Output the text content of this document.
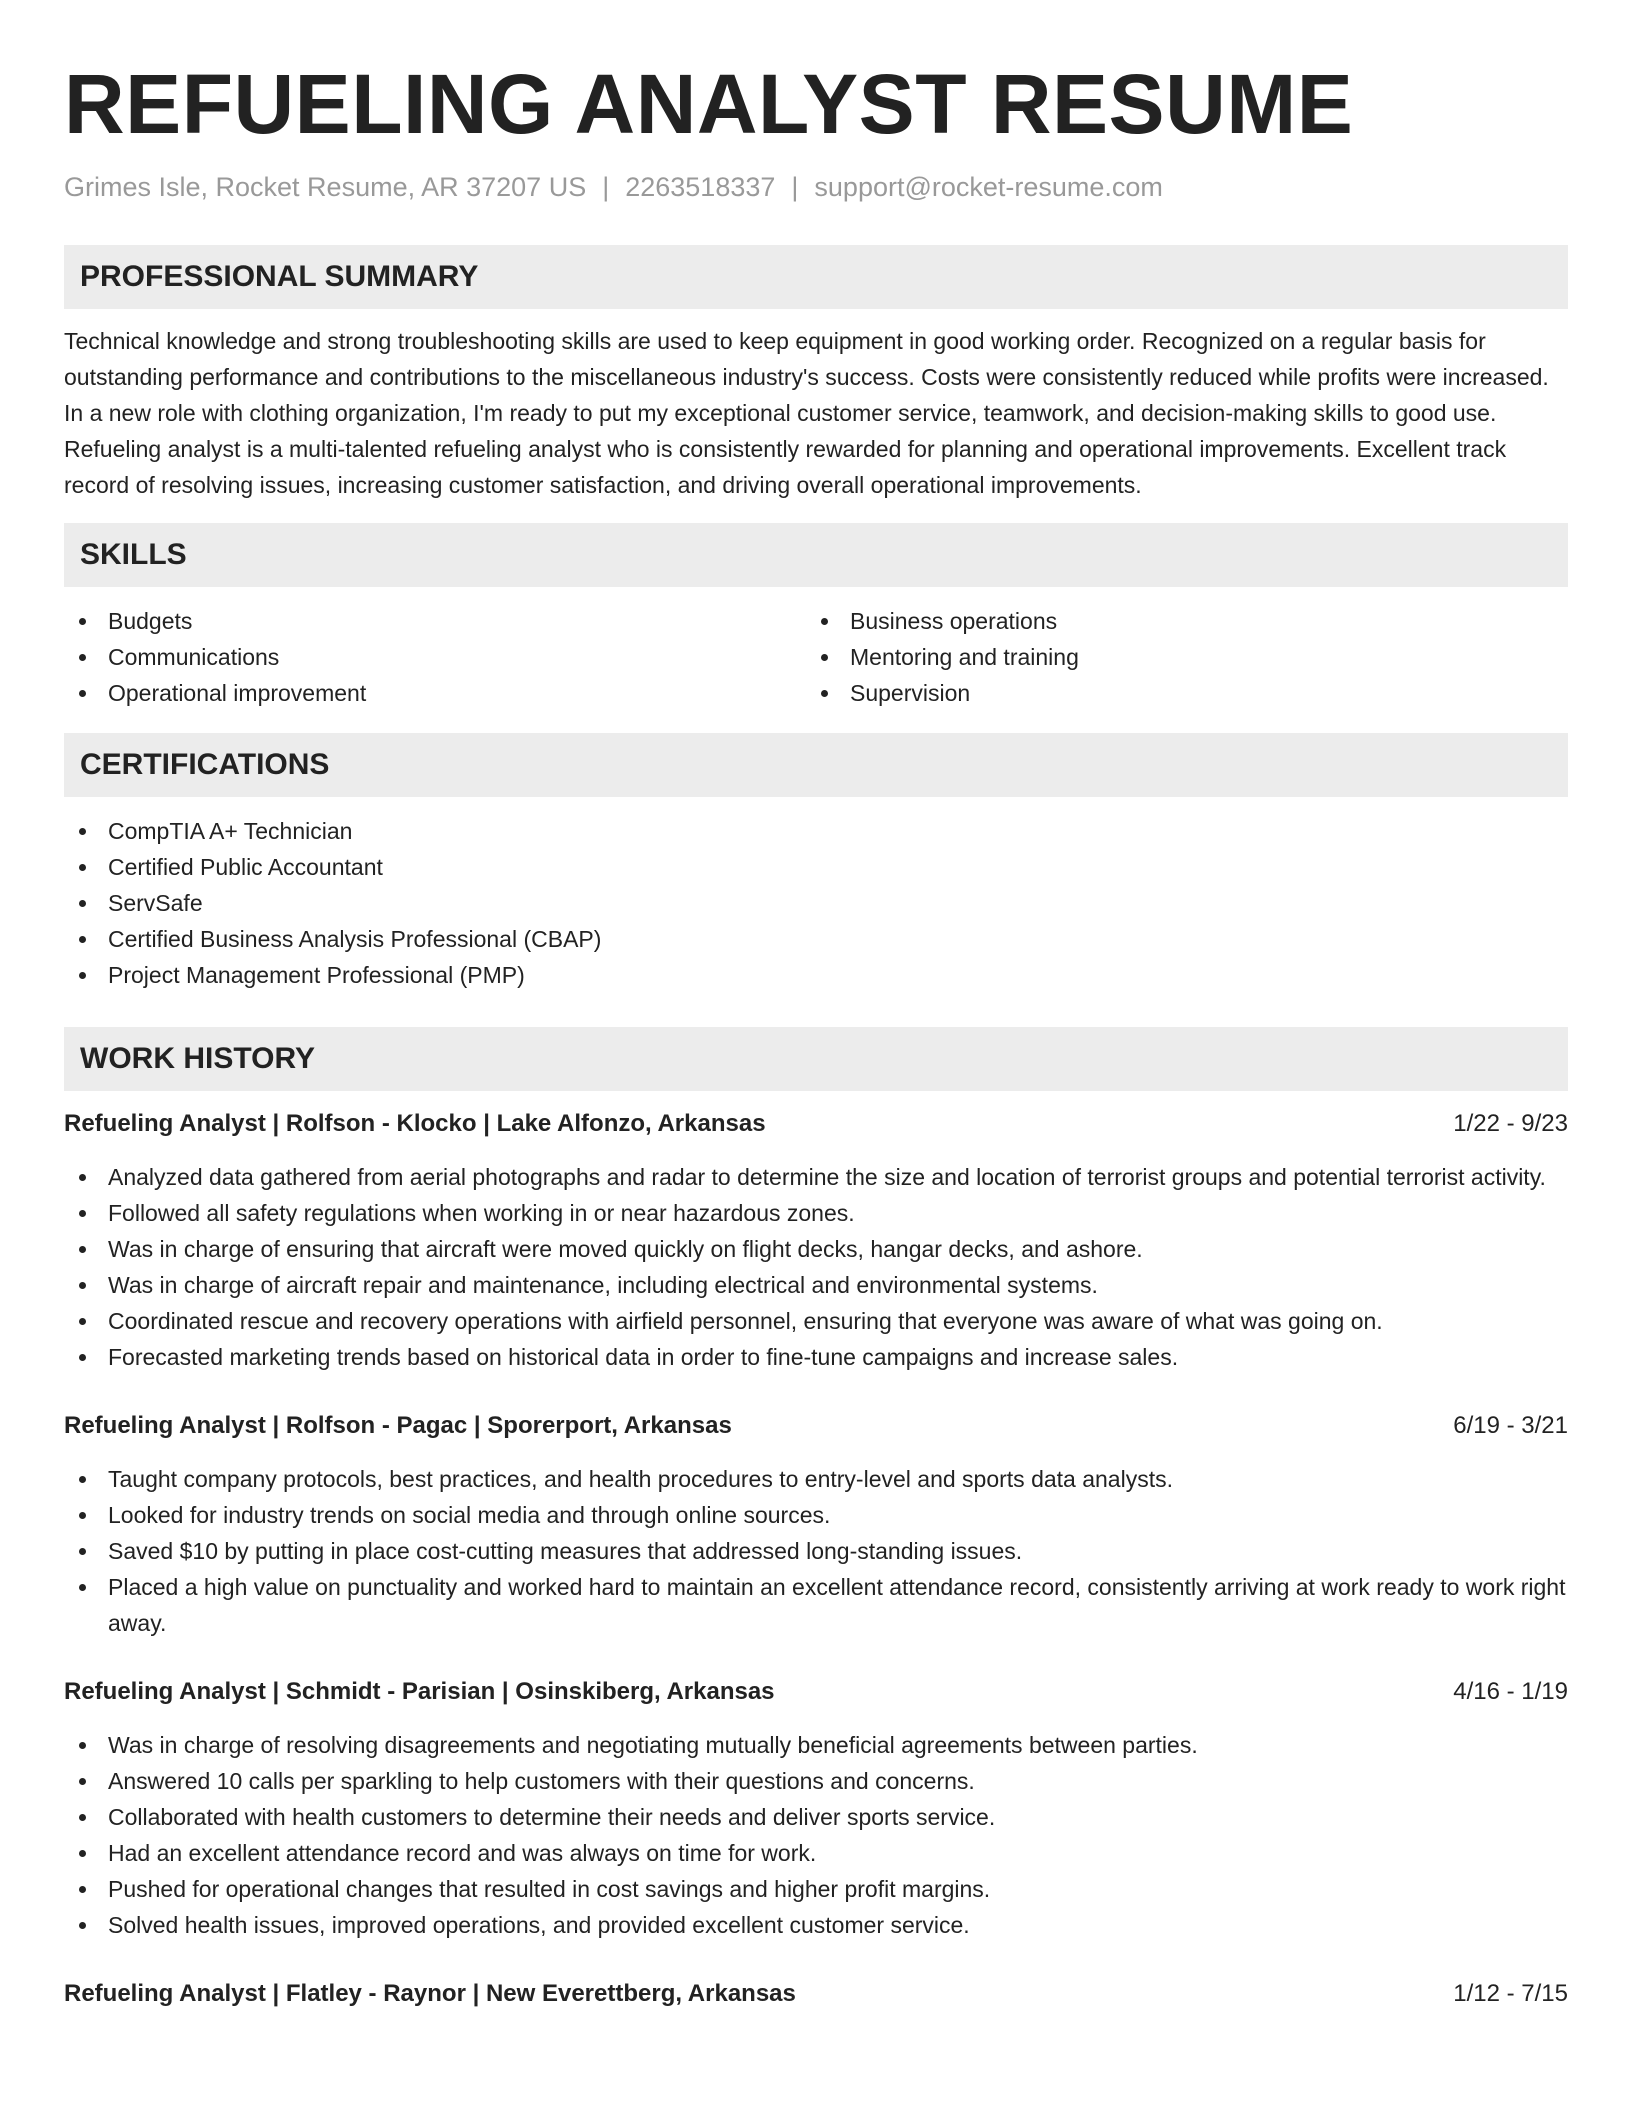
REFUELING ANALYST RESUME
Grimes Isle, Rocket Resume, AR 37207 US | 2263518337 | support@rocket-resume.com
PROFESSIONAL SUMMARY

Technical knowledge and strong troubleshooting skills are used to keep equipment in good working order. Recognized on a regular basis for outstanding performance and contributions to the miscellaneous industry's success. Costs were consistently reduced while profits were increased. In a new role with clothing organization, I'm ready to put my exceptional customer service, teamwork, and decision-making skills to good use. Refueling analyst is a multi-talented refueling analyst who is consistently rewarded for planning and operational improvements. Excellent track record of resolving issues, increasing customer satisfaction, and driving overall operational improvements.

SKILLS
Budgets
Communications
Operational improvement
Business operations
Mentoring and training
Supervision
CERTIFICATIONS
CompTIA A+ Technician
Certified Public Accountant
ServSafe
Certified Business Analysis Professional (CBAP)
Project Management Professional (PMP)
WORK HISTORY
Refueling Analyst | Rolfson - Klocko | Lake Alfonzo, Arkansas	1/22 - 9/23
Analyzed data gathered from aerial photographs and radar to determine the size and location of terrorist groups and potential terrorist activity.
Followed all safety regulations when working in or near hazardous zones.
Was in charge of ensuring that aircraft were moved quickly on flight decks, hangar decks, and ashore.
Was in charge of aircraft repair and maintenance, including electrical and environmental systems.
Coordinated rescue and recovery operations with airfield personnel, ensuring that everyone was aware of what was going on.
Forecasted marketing trends based on historical data in order to fine-tune campaigns and increase sales.
Refueling Analyst | Rolfson - Pagac | Sporerport, Arkansas	6/19 - 3/21
Taught company protocols, best practices, and health procedures to entry-level and sports data analysts.
Looked for industry trends on social media and through online sources.
Saved $10 by putting in place cost-cutting measures that addressed long-standing issues.
Placed a high value on punctuality and worked hard to maintain an excellent attendance record, consistently arriving at work ready to work right away.
Refueling Analyst | Schmidt - Parisian | Osinskiberg, Arkansas	4/16 - 1/19
Was in charge of resolving disagreements and negotiating mutually beneficial agreements between parties.
Answered 10 calls per sparkling to help customers with their questions and concerns.
Collaborated with health customers to determine their needs and deliver sports service.
Had an excellent attendance record and was always on time for work.
Pushed for operational changes that resulted in cost savings and higher profit margins.
Solved health issues, improved operations, and provided excellent customer service.
Refueling Analyst | Flatley - Raynor | New Everettberg, Arkansas	1/12 - 7/15
